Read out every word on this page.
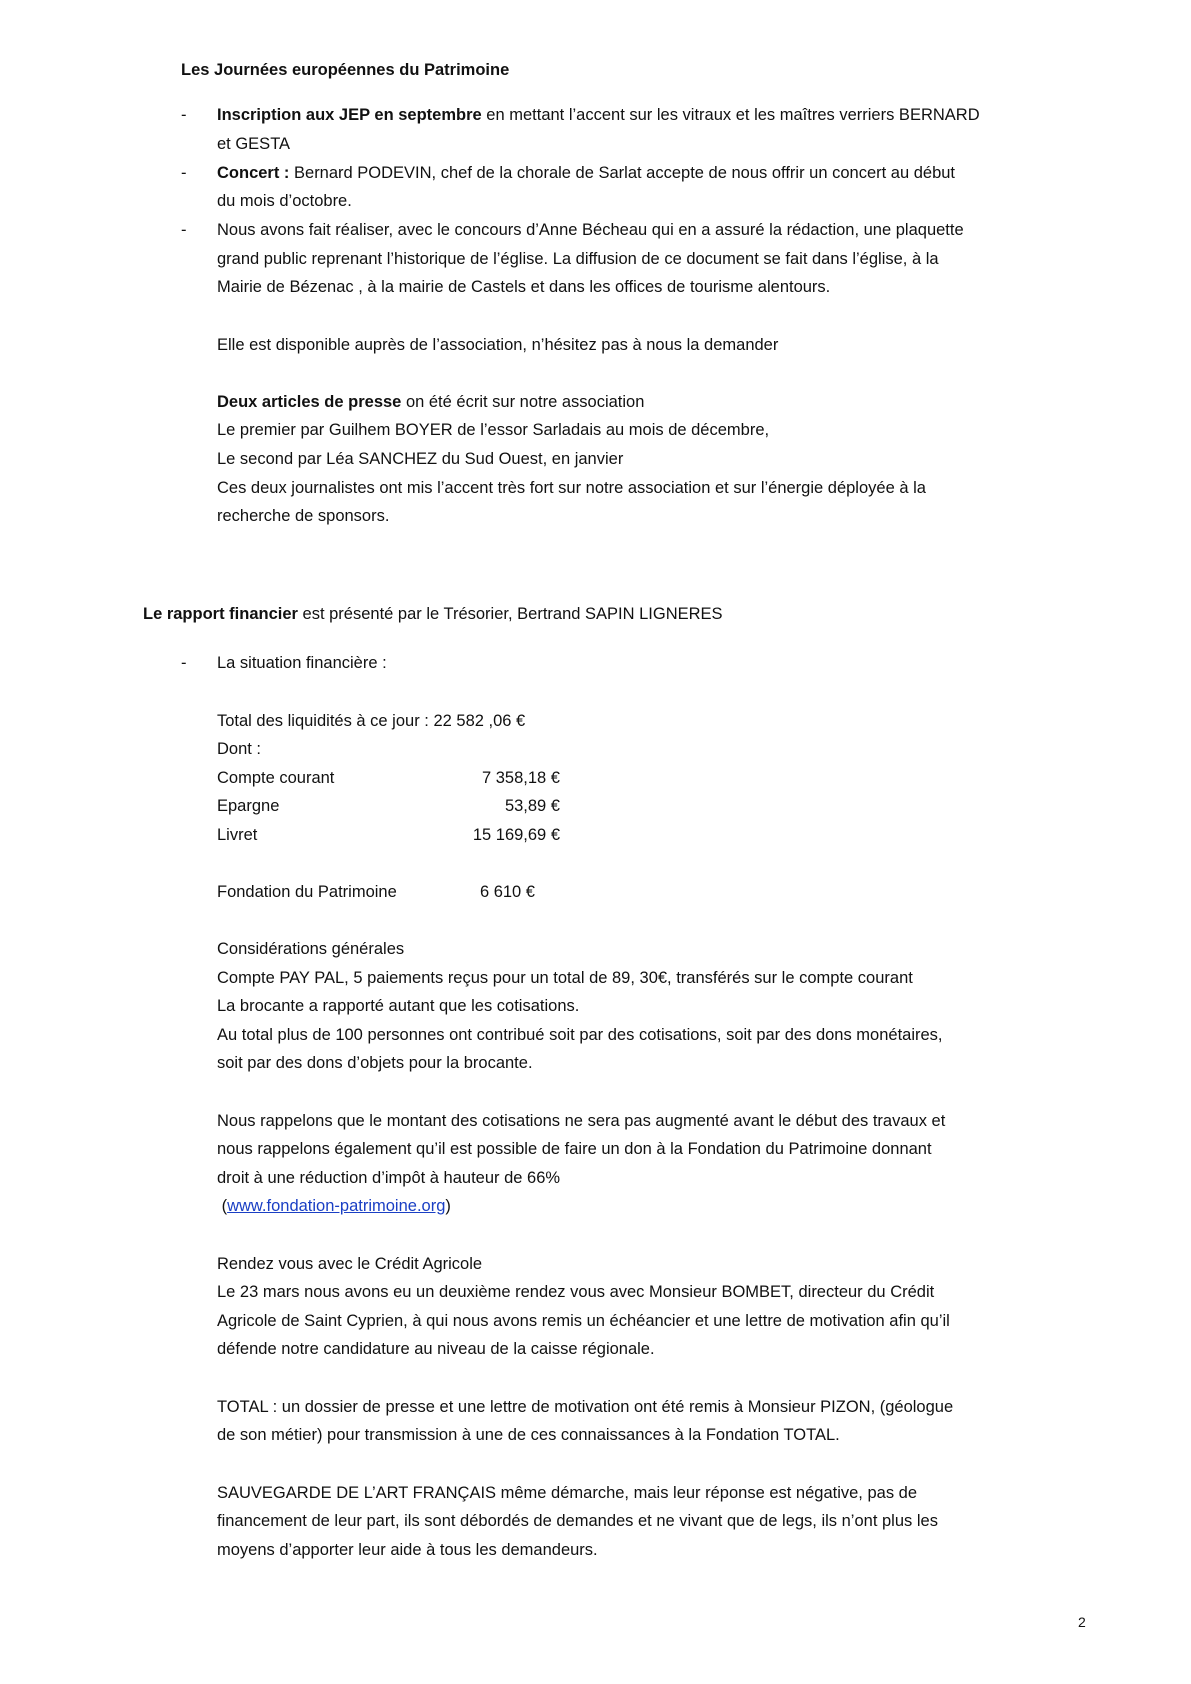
Les Journées européennes du Patrimoine
- Inscription aux JEP en septembre en mettant l’accent sur les vitraux et les maîtres verriers BERNARD
et GESTA
- Concert : Bernard PODEVIN, chef de la chorale de Sarlat accepte de nous offrir un concert au début
du mois d’octobre.
- Nous avons fait réaliser, avec le concours d’Anne Bécheau qui en a assuré la rédaction, une plaquette
grand public reprenant l’historique de l’église. La diffusion de ce document se fait dans l’église, à la
Mairie de Bézenac , à la mairie de Castels et dans les offices de tourisme alentours.
Elle est disponible auprès de l’association, n’hésitez pas à nous la demander
Deux articles de presse on été écrit sur notre association
Le premier par Guilhem BOYER de l’essor Sarladais au mois de décembre,
Le second par Léa SANCHEZ du Sud Ouest, en janvier
Ces deux journalistes ont mis l’accent très fort sur notre association et sur l’énergie déployée à la
recherche de sponsors.
Le rapport financier est présenté par le Trésorier, Bertrand SAPIN LIGNERES
- La situation financière :
Total des liquidités à ce jour : 22 582 ,06 €
Dont :
Compte courant	7 358,18 €
Epargne	53,89 €
Livret	15 169,69 €
Fondation du Patrimoine	6 610 €
Considérations générales
Compte PAY PAL, 5 paiements reçus pour un total de 89, 30€, transférés sur le compte courant
La brocante a rapporté autant que les cotisations.
Au total plus de 100 personnes ont contribué soit par des cotisations, soit par des dons monétaires,
soit par des dons d’objets pour la brocante.
Nous rappelons que le montant des cotisations ne sera pas augmenté avant le début des travaux et
nous rappelons également qu’il est possible de faire un don à la Fondation du Patrimoine donnant
droit à une réduction d’impôt à hauteur de 66%
(www.fondation-patrimoine.org)
Rendez vous avec le Crédit Agricole
Le 23 mars nous avons eu un deuxième rendez vous avec Monsieur BOMBET, directeur du Crédit
Agricole de Saint Cyprien, à qui nous avons remis un échéancier et une lettre de motivation afin qu’il
défende notre candidature au niveau de la caisse régionale.
TOTAL : un dossier de presse et une lettre de motivation ont été remis à Monsieur PIZON, (géologue
de son métier) pour transmission à une de ces connaissances à la Fondation TOTAL.
SAUVEGARDE DE L’ART FRANÇAIS même démarche, mais leur réponse est négative, pas de
financement de leur part, ils sont débordés de demandes et ne vivant que de legs, ils n’ont plus les
moyens d’apporter leur aide à tous les demandeurs.
2
